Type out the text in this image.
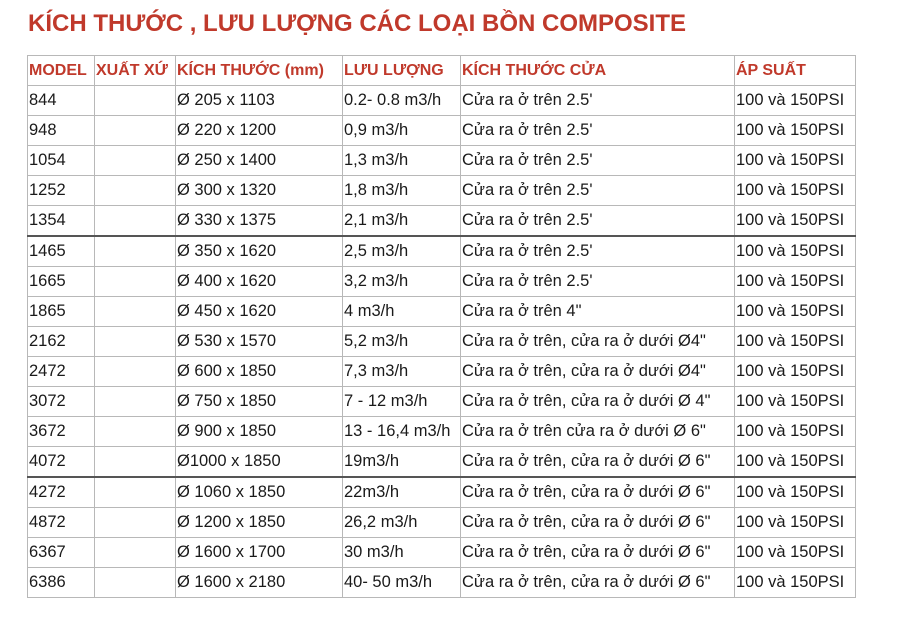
KÍCH THƯỚC , LƯU LƯỢNG CÁC LOẠI BỒN COMPOSITE
MODEL	XUẤT XỨ	KÍCH THƯỚC (mm)	LƯU LƯỢNG	KÍCH THƯỚC CỬA	ÁP SUẤT
844		Ø 205 x 1103	0.2- 0.8 m3/h	Cửa ra ở trên 2.5'	100 và 150PSI
948		Ø 220 x 1200	0,9 m3/h	Cửa ra ở trên 2.5'	100 và 150PSI
1054		Ø 250 x 1400	1,3 m3/h	Cửa ra ở trên 2.5'	100 và 150PSI
1252		Ø 300 x 1320	1,8 m3/h	Cửa ra ở trên 2.5'	100 và 150PSI
1354		Ø 330 x 1375	2,1 m3/h	Cửa ra ở trên 2.5'	100 và 150PSI
1465		Ø 350 x 1620	2,5 m3/h	Cửa ra ở trên 2.5'	100 và 150PSI
1665		Ø 400 x 1620	3,2 m3/h	Cửa ra ở trên 2.5'	100 và 150PSI
1865		Ø 450 x 1620	4 m3/h	Cửa ra ở trên 4"	100 và 150PSI
2162		Ø 530 x 1570	5,2 m3/h	Cửa ra ở trên, cửa ra ở dưới Ø4"	100 và 150PSI
2472		Ø 600 x 1850	7,3 m3/h	Cửa ra ở trên, cửa ra ở dưới Ø4"	100 và 150PSI
3072		Ø 750 x 1850	7 - 12 m3/h	Cửa ra ở trên, cửa ra ở dưới Ø 4"	100 và 150PSI
3672		Ø 900 x 1850	13 - 16,4 m3/h	Cửa ra ở trên cửa ra ở dưới Ø 6"	100 và 150PSI
4072		Ø1000 x 1850	19m3/h	Cửa ra ở trên, cửa ra ở dưới Ø 6"	100 và 150PSI
4272		Ø 1060 x 1850	22m3/h	Cửa ra ở trên, cửa ra ở dưới Ø 6"	100 và 150PSI
4872		Ø 1200 x 1850	26,2 m3/h	Cửa ra ở trên, cửa ra ở dưới Ø 6"	100 và 150PSI
6367		Ø 1600 x 1700	30 m3/h	Cửa ra ở trên, cửa ra ở dưới Ø 6"	100 và 150PSI
6386		Ø 1600 x 2180	40- 50 m3/h	Cửa ra ở trên, cửa ra ở dưới Ø 6"	100 và 150PSI
